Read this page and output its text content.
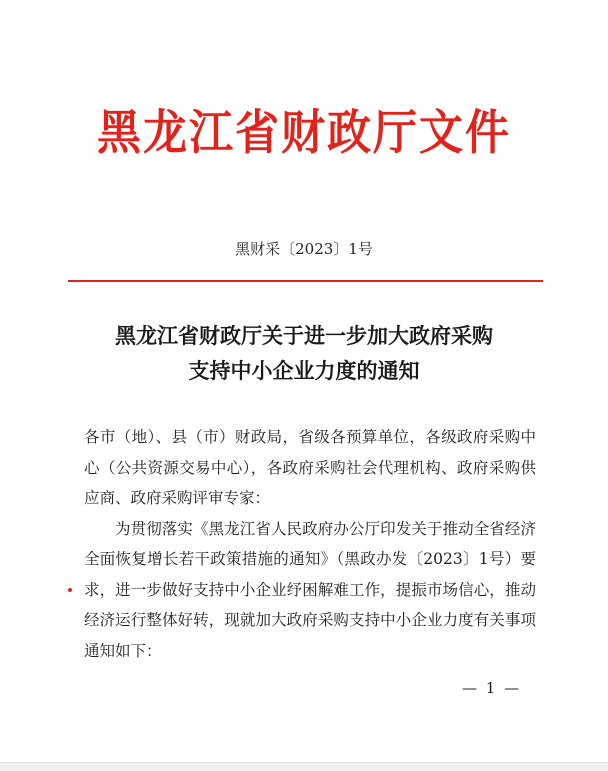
黑龙江省财政厅文件
黑财采〔2023〕1号
黑龙江省财政厅关于进一步加大政府采购
支持中小企业力度的通知

各市（地）、县（市）财政局，省级各预算单位，各级政府采购中心（公共资源交易中心），各政府采购社会代理机构、政府采购供应商、政府采购评审专家：

为贯彻落实《黑龙江省人民政府办公厅印发关于推动全省经济全面恢复增长若干政策措施的通知》（黑政办发〔2023〕1号）要求，进一步做好支持中小企业纾困解难工作，提振市场信心，推动经济运行整体好转，现就加大政府采购支持中小企业力度有关事项通知如下：

— 1 —
